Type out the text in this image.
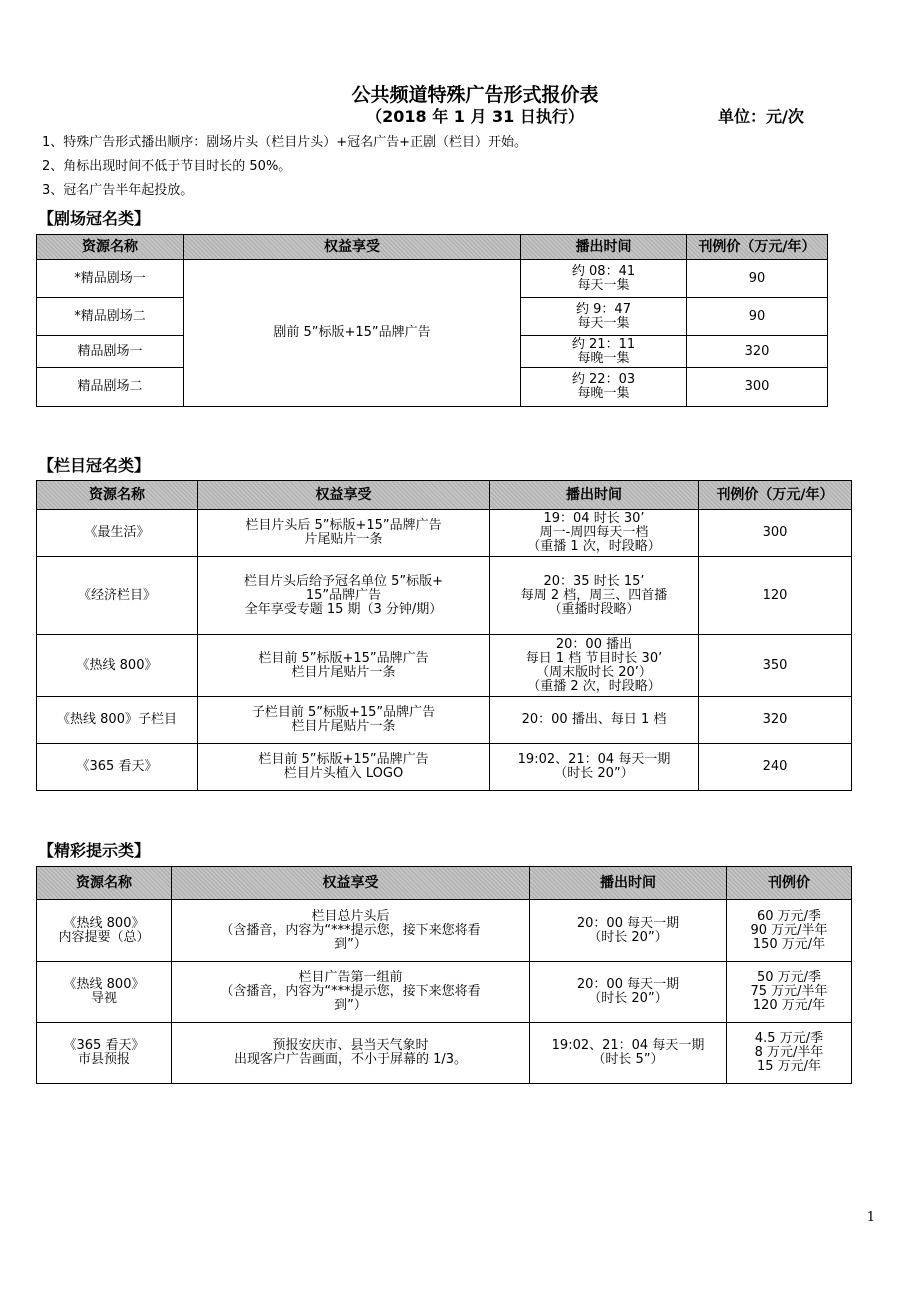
公共频道特殊广告形式报价表
（2018 年 1 月 31 日执行）	单位：元/次
1、特殊广告形式播出顺序：剧场片头（栏目片头）+冠名广告+正剧（栏目）开始。
2、角标出现时间不低于节目时长的 50%。
3、冠名广告半年起投放。
【剧场冠名类】
资源名称	权益享受	播出时间	刊例价（万元/年）
*精品剧场一	剧前 5”标版+15”品牌广告	约 08：41
每天一集	90
*精品剧场二		约 9：47
每天一集	90
精品剧场一		约 21：11
每晚一集	320
精品剧场二		约 22：03
每晚一集	300
【栏目冠名类】
资源名称	权益享受	播出时间	刊例价（万元/年）
《最生活》	栏目片头后 5”标版+15”品牌广告
片尾贴片一条	19：04 时长 30’
周一-周四每天一档
（重播 1 次，时段略）	300
《经济栏目》	栏目片头后给予冠名单位 5”标版+
15”品牌广告
全年享受专题 15 期（3 分钟/期）	20：35 时长 15’
每周 2 档，周三、四首播
（重播时段略）	120
《热线 800》	栏目前 5”标版+15”品牌广告
栏目片尾贴片一条	20：00 播出
每日 1 档 节目时长 30’
（周末版时长 20’）
（重播 2 次，时段略）	350
《热线 800》子栏目	子栏目前 5”标版+15”品牌广告
栏目片尾贴片一条	20：00 播出、每日 1 档	320
《365 看天》	栏目前 5”标版+15”品牌广告
栏目片头植入 LOGO	19:02、21：04 每天一期
（时长 20”）	240
【精彩提示类】
资源名称	权益享受	播出时间	刊例价
《热线 800》
内容提要（总）	栏目总片头后
（含播音，内容为“***提示您，接下来您将看
到”）	20：00 每天一期
（时长 20”）	60 万元/季
90 万元/半年
150 万元/年
《热线 800》
导视	栏目广告第一组前
（含播音，内容为“***提示您，接下来您将看
到”）	20：00 每天一期
（时长 20”）	50 万元/季
75 万元/半年
120 万元/年
《365 看天》
市县预报	预报安庆市、县当天气象时
出现客户广告画面，不小于屏幕的 1/3。	19:02、21：04 每天一期
（时长 5”）	4.5 万元/季
8 万元/半年
15 万元/年
1
